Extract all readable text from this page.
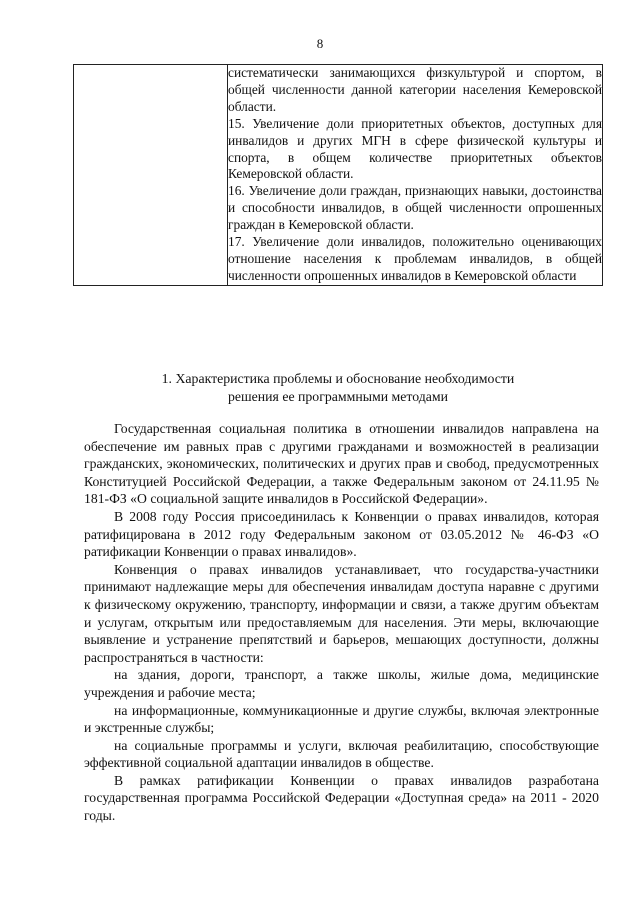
8

систематически занимающихся физкультурой и спортом, в общей численности данной категории населения Кемеровской области.

15. Увеличение доли приоритетных объектов, доступных для инвалидов и других МГН в сфере физической культуры и спорта, в общем количестве приоритетных объектов Кемеровской области.

16. Увеличение доли граждан, признающих навыки, достоинства и способности инвалидов, в общей численности опрошенных граждан в Кемеровской области.

17. Увеличение доли инвалидов, положительно оценивающих отношение населения к проблемам инвалидов, в общей численности опрошенных инвалидов в Кемеровской области

1. Характеристика проблемы и обоснование необходимости
решения ее программными методами

Государственная социальная политика в отношении инвалидов направлена на обеспечение им равных прав с другими гражданами и возможностей в реализации гражданских, экономических, политических и других прав и свобод, предусмотренных Конституцией Российской Федерации, а также Федеральным законом от 24.11.95 № 181-ФЗ «О социальной защите инвалидов в Российской Федерации».

В 2008 году Россия присоединилась к Конвенции о правах инвалидов, которая ратифицирована в 2012 году Федеральным законом от 03.05.2012 № 46-ФЗ «О ратификации Конвенции о правах инвалидов».

Конвенция о правах инвалидов устанавливает, что государства-участники принимают надлежащие меры для обеспечения инвалидам доступа наравне с другими к физическому окружению, транспорту, информации и связи, а также другим объектам и услугам, открытым или предоставляемым для населения. Эти меры, включающие выявление и устранение препятствий и барьеров, мешающих доступности, должны распространяться в частности:

на здания, дороги, транспорт, а также школы, жилые дома, медицинские учреждения и рабочие места;

на информационные, коммуникационные и другие службы, включая электронные и экстренные службы;

на социальные программы и услуги, включая реабилитацию, способствующие эффективной социальной адаптации инвалидов в обществе.

В рамках ратификации Конвенции о правах инвалидов разработана государственная программа Российской Федерации «Доступная среда» на 2011 - 2020 годы.
